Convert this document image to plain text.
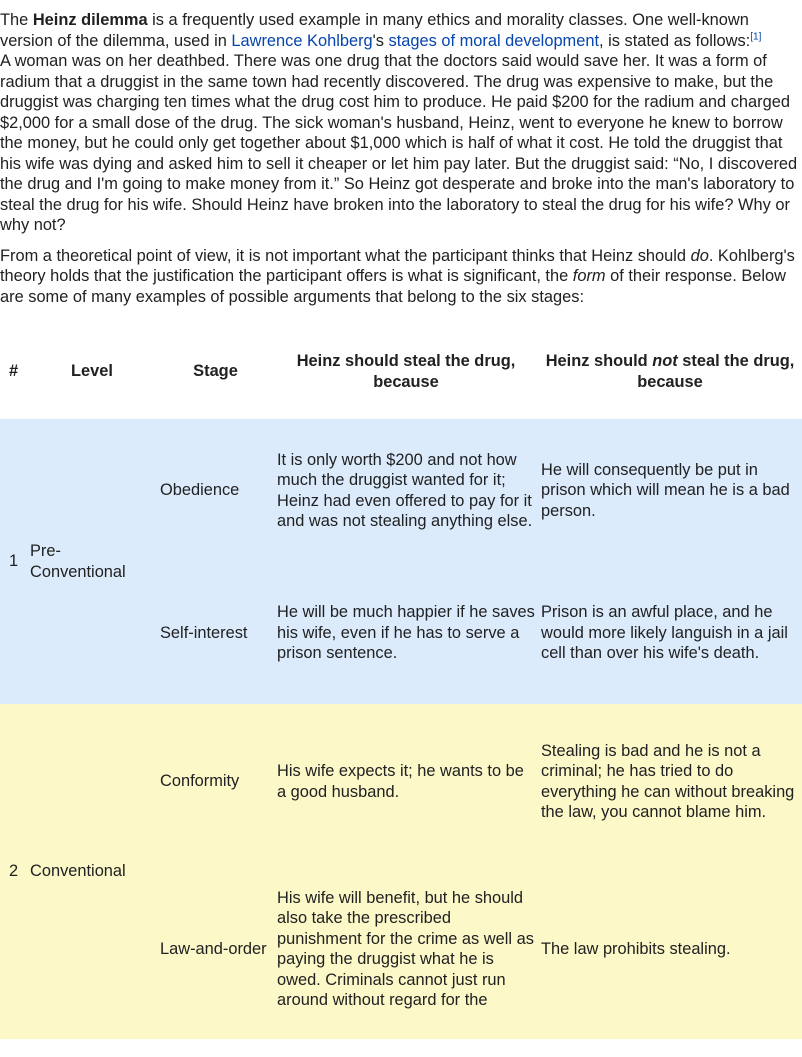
The Heinz dilemma is a frequently used example in many ethics and morality classes. One well-known version of the dilemma, used in Lawrence Kohlberg's stages of moral development, is stated as follows:[1]

A woman was on her deathbed. There was one drug that the doctors said would save her. It was a form of radium that a druggist in the same town had recently discovered. The drug was expensive to make, but the druggist was charging ten times what the drug cost him to produce. He paid $200 for the radium and charged $2,000 for a small dose of the drug. The sick woman's husband, Heinz, went to everyone he knew to borrow the money, but he could only get together about $1,000 which is half of what it cost. He told the druggist that his wife was dying and asked him to sell it cheaper or let him pay later. But the druggist said: “No, I discovered the drug and I'm going to make money from it.” So Heinz got desperate and broke into the man's laboratory to steal the drug for his wife. Should Heinz have broken into the laboratory to steal the drug for his wife? Why or why not?

From a theoretical point of view, it is not important what the participant thinks that Heinz should do. Kohlberg's theory holds that the justification the participant offers is what is significant, the form of their response. Below are some of many examples of possible arguments that belong to the six stages:

#	Level	Stage	Heinz should steal the drug, because	Heinz should not steal the drug, because
1	Pre-Conventional	Obedience	It is only worth $200 and not how much the druggist wanted for it; Heinz had even offered to pay for it and was not stealing anything else.	He will consequently be put in prison which will mean he is a bad person.
		Self-interest	He will be much happier if he saves his wife, even if he has to serve a prison sentence.	Prison is an awful place, and he would more likely languish in a jail cell than over his wife's death.
2	Conventional	Conformity	His wife expects it; he wants to be a good husband.	Stealing is bad and he is not a criminal; he has tried to do everything he can without breaking the law, you cannot blame him.
		Law-and-order	His wife will benefit, but he should also take the prescribed punishment for the crime as well as paying the druggist what he is owed. Criminals cannot just run around without regard for the	The law prohibits stealing.
